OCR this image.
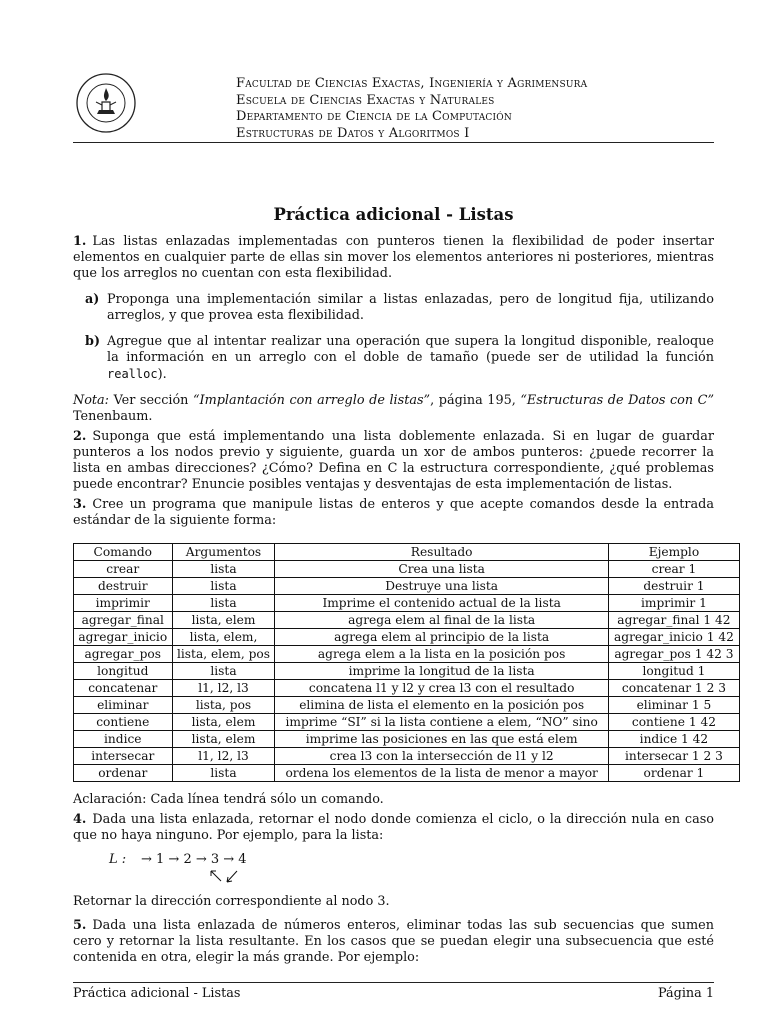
Facultad de Ciencias Exactas, Ingeniería y Agrimensura
Escuela de Ciencias Exactas y Naturales
Departamento de Ciencia de la Computación
Estructuras de Datos y Algoritmos I
Práctica adicional - Listas

1. Las listas enlazadas implementadas con punteros tienen la flexibilidad de poder insertar elementos en cualquier parte de ellas sin mover los elementos anteriores ni posteriores, mientras que los arreglos no cuentan con esta flexibilidad.

a) Proponga una implementación similar a listas enlazadas, pero de longitud fija, utilizando arreglos, y que provea esta flexibilidad.
b) Agregue que al intentar realizar una operación que supera la longitud disponible, realoque la información en un arreglo con el doble de tamaño (puede ser de utilidad la función realloc).

Nota: Ver sección “Implantación con arreglo de listas”, página 195, “Estructuras de Datos con C” Tenenbaum.

2. Suponga que está implementando una lista doblemente enlazada. Si en lugar de guardar punteros a los nodos previo y siguiente, guarda un xor de ambos punteros: ¿puede recorrer la lista en ambas direcciones? ¿Cómo? Defina en C la estructura correspondiente, ¿qué problemas puede encontrar? Enuncie posibles ventajas y desventajas de esta implementación de listas.

3. Cree un programa que manipule listas de enteros y que acepte comandos desde la entrada estándar de la siguiente forma:

Comando	Argumentos	Resultado	Ejemplo
crear	lista	Crea una lista	crear 1
destruir	lista	Destruye una lista	destruir 1
imprimir	lista	Imprime el contenido actual de la lista	imprimir 1
agregar_final	lista, elem	agrega elem al final de la lista	agregar_final 1 42
agregar_inicio	lista, elem,	agrega elem al principio de la lista	agregar_inicio 1 42
agregar_pos	lista, elem, pos	agrega elem a la lista en la posición pos	agregar_pos 1 42 3
longitud	lista	imprime la longitud de la lista	longitud 1
concatenar	l1, l2, l3	concatena l1 y l2 y crea l3 con el resultado	concatenar 1 2 3
eliminar	lista, pos	elimina de lista el elemento en la posición pos	eliminar 1 5
contiene	lista, elem	imprime “SI” si la lista contiene a elem, “NO” sino	contiene 1 42
indice	lista, elem	imprime las posiciones en las que está elem	indice 1 42
intersecar	l1, l2, l3	crea l3 con la intersección de l1 y l2	intersecar 1 2 3
ordenar	lista	ordena los elementos de la lista de menor a mayor	ordenar 1

Aclaración: Cada línea tendrá sólo un comando.

4. Dada una lista enlazada, retornar el nodo donde comienza el ciclo, o la dirección nula en caso que no haya ninguno. Por ejemplo, para la lista:

L : → 1 → 2 → 3 → 4

Retornar la dirección correspondiente al nodo 3.

5. Dada una lista enlazada de números enteros, eliminar todas las sub secuencias que sumen cero y retornar la lista resultante. En los casos que se puedan elegir una subsecuencia que esté contenida en otra, elegir la más grande. Por ejemplo:

Práctica adicional - Listas	Página 1
